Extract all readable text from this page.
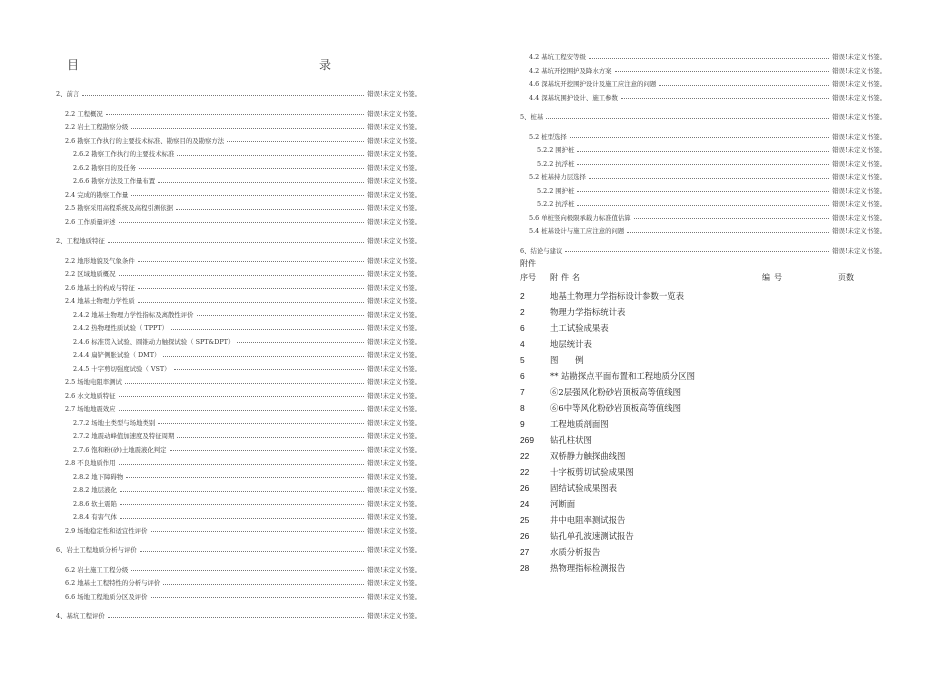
目　　录
2、前言	错误!未定义书签。
2.2 工程概况	错误!未定义书签。
2.2 岩土工程勘察分级	错误!未定义书签。
2.6 勘察工作执行的主要技术标准、勘察目的及勘察方法	错误!未定义书签。
2.6.2 勘察工作执行的主要技术标准	错误!未定义书签。
2.6.2 勘察目的及任务	错误!未定义书签。
2.6.6 勘察方法及工作量布置	错误!未定义书签。
2.4 完成的勘察工作量	错误!未定义书签。
2.5 勘察采用高程系统及高程引测依据	错误!未定义书签。
2.6 工作质量评述	错误!未定义书签。
2、工程地质特征	错误!未定义书签。
2.2 地形地貌及气象条件	错误!未定义书签。
2.2 区域地质概况	错误!未定义书签。
2.6 地基土的构成与特征	错误!未定义书签。
2.4 地基土物理力学性质	错误!未定义书签。
2.4.2 地基土物理力学性指标及离散性评价	错误!未定义书签。
2.4.2 热物理性质试验（ TPPT）	错误!未定义书签。
2.4.6 标准贯入试验、圆锥动力触探试验（ SPT&DPT）	错误!未定义书签。
2.4.4 扁铲侧胀试验（ DMT）	错误!未定义书签。
2.4.5 十字剪切强度试验（ VST）	错误!未定义书签。
2.5 场地电阻率测试	错误!未定义书签。
2.6 水文地质特征	错误!未定义书签。
2.7 场地地震效应	错误!未定义书签。
2.7.2 场地土类型与场地类别	错误!未定义书签。
2.7.2 地震动峰值加速度及特征周期	错误!未定义书签。
2.7.6 饱和粉(砂)土地震液化判定	错误!未定义书签。
2.8 不良地质作用	错误!未定义书签。
2.8.2 地下障碍物	错误!未定义书签。
2.8.2 地层液化	错误!未定义书签。
2.8.6 软土震陷	错误!未定义书签。
2.8.4 有害气体	错误!未定义书签。
2.9 场地稳定性和适宜性评价	错误!未定义书签。
6、岩土工程地质分析与评价	错误!未定义书签。
6.2 岩土施工工程分级	错误!未定义书签。
6.2 地基土工程特性的分析与评价	错误!未定义书签。
6.6 场地工程地质分区及评价	错误!未定义书签。
4、基坑工程评价	错误!未定义书签。
4.2 基坑工程安等级	错误!未定义书签。
4.2 基坑开挖围护及降水方案	错误!未定义书签。
4.6 深基坑开挖围护设计及施工应注意的问题	错误!未定义书签。
4.4 深基坑围护设计、施工参数	错误!未定义书签。
5、桩基	错误!未定义书签。
5.2 桩型选择	错误!未定义书签。
5.2.2 围护桩	错误!未定义书签。
5.2.2 抗浮桩	错误!未定义书签。
5.2 桩基持力层选择	错误!未定义书签。
5.2.2 围护桩	错误!未定义书签。
5.2.2 抗浮桩	错误!未定义书签。
5.6 单桩竖向极限承载力标准值估算	错误!未定义书签。
5.4 桩基设计与施工应注意的问题	错误!未定义书签。
6、结论与建议	错误!未定义书签。
附件
序号	附件名	编号	页数
2	地基土物理力学指标设计参数一览表
2	物理力学指标统计表
6	土工试验成果表
4	地层统计表
5	图　　例
6	** 站勘探点平面布置和工程地质分区图
7	⑥2层强风化粉砂岩顶板高等值线图
8	⑥6中等风化粉砂岩顶板高等值线图
9	工程地质剖面图
269	钻孔柱状图
22	双桥静力触探曲线图
22	十字板剪切试验成果图
26	固结试验成果图表
24	河断面
25	井中电阻率测试报告
26	钻孔单孔波速测试报告
27	水质分析报告
28	热物理指标检测报告
